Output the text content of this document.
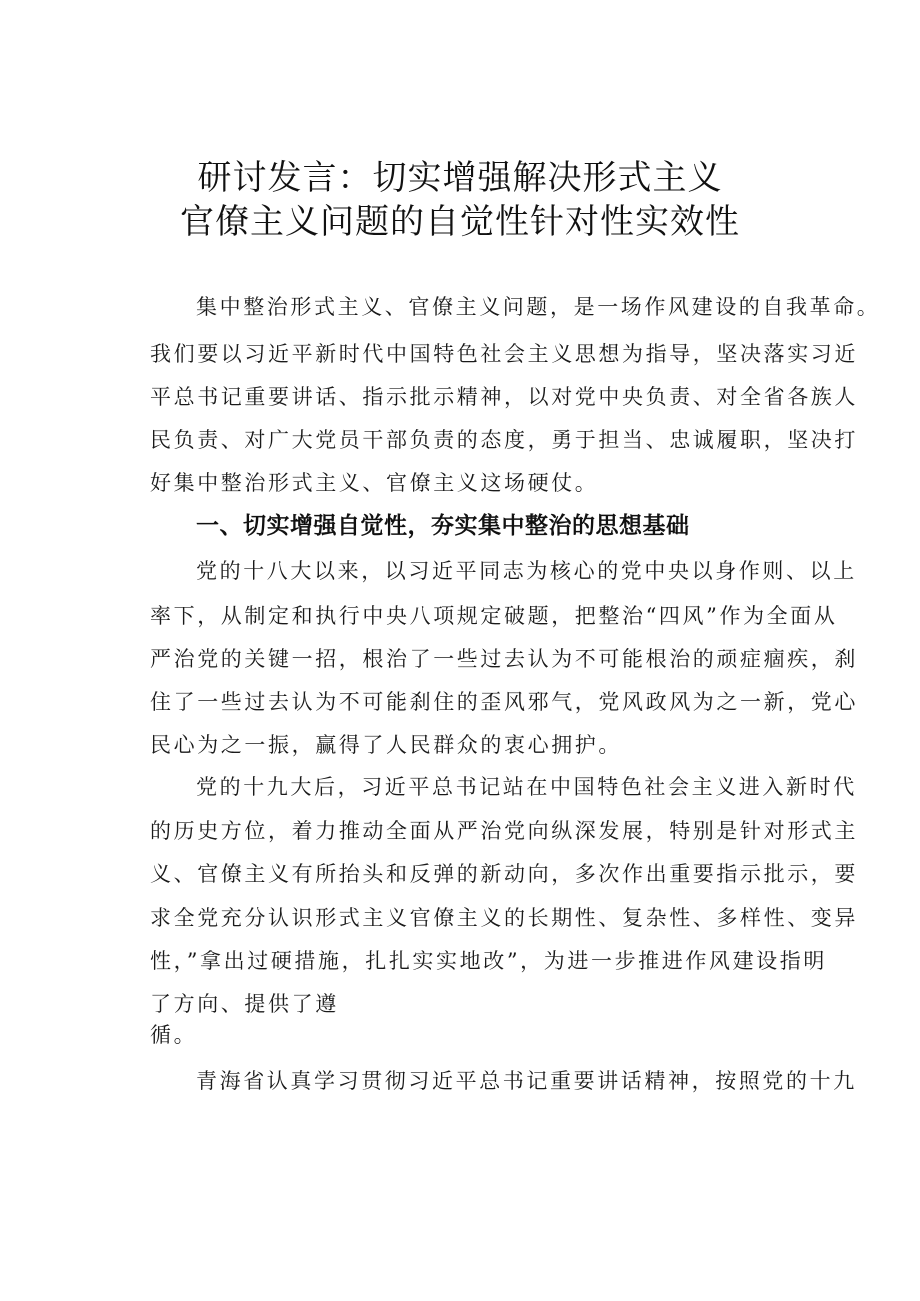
研讨发言：切实增强解决形式主义
官僚主义问题的自觉性针对性实效性
集中整治形式主义、官僚主义问题，是一场作风建设的自我革命。
我们要以习近平新时代中国特色社会主义思想为指导，坚决落实习近
平总书记重要讲话、指示批示精神，以对党中央负责、对全省各族人
民负责、对广大党员干部负责的态度，勇于担当、忠诚履职，坚决打
好集中整治形式主义、官僚主义这场硬仗。
一、切实增强自觉性，夯实集中整治的思想基础
党的十八大以来，以习近平同志为核心的党中央以身作则、以上
率下，从制定和执行中央八项规定破题，把整治“四风”作为全面从
严治党的关键一招，根治了一些过去认为不可能根治的顽症痼疾，刹
住了一些过去认为不可能刹住的歪风邪气，党风政风为之一新，党心
民心为之一振，赢得了人民群众的衷心拥护。
党的十九大后，习近平总书记站在中国特色社会主义进入新时代
的历史方位，着力推动全面从严治党向纵深发展，特别是针对形式主
义、官僚主义有所抬头和反弹的新动向，多次作出重要指示批示，要
求全党充分认识形式主义官僚主义的长期性、复杂性、多样性、变异
性，”拿出过硬措施，扎扎实实地改”，为进一步推进作风建设指明
了方向、提供了遵
循。
青海省认真学习贯彻习近平总书记重要讲话精神，按照党的十九
